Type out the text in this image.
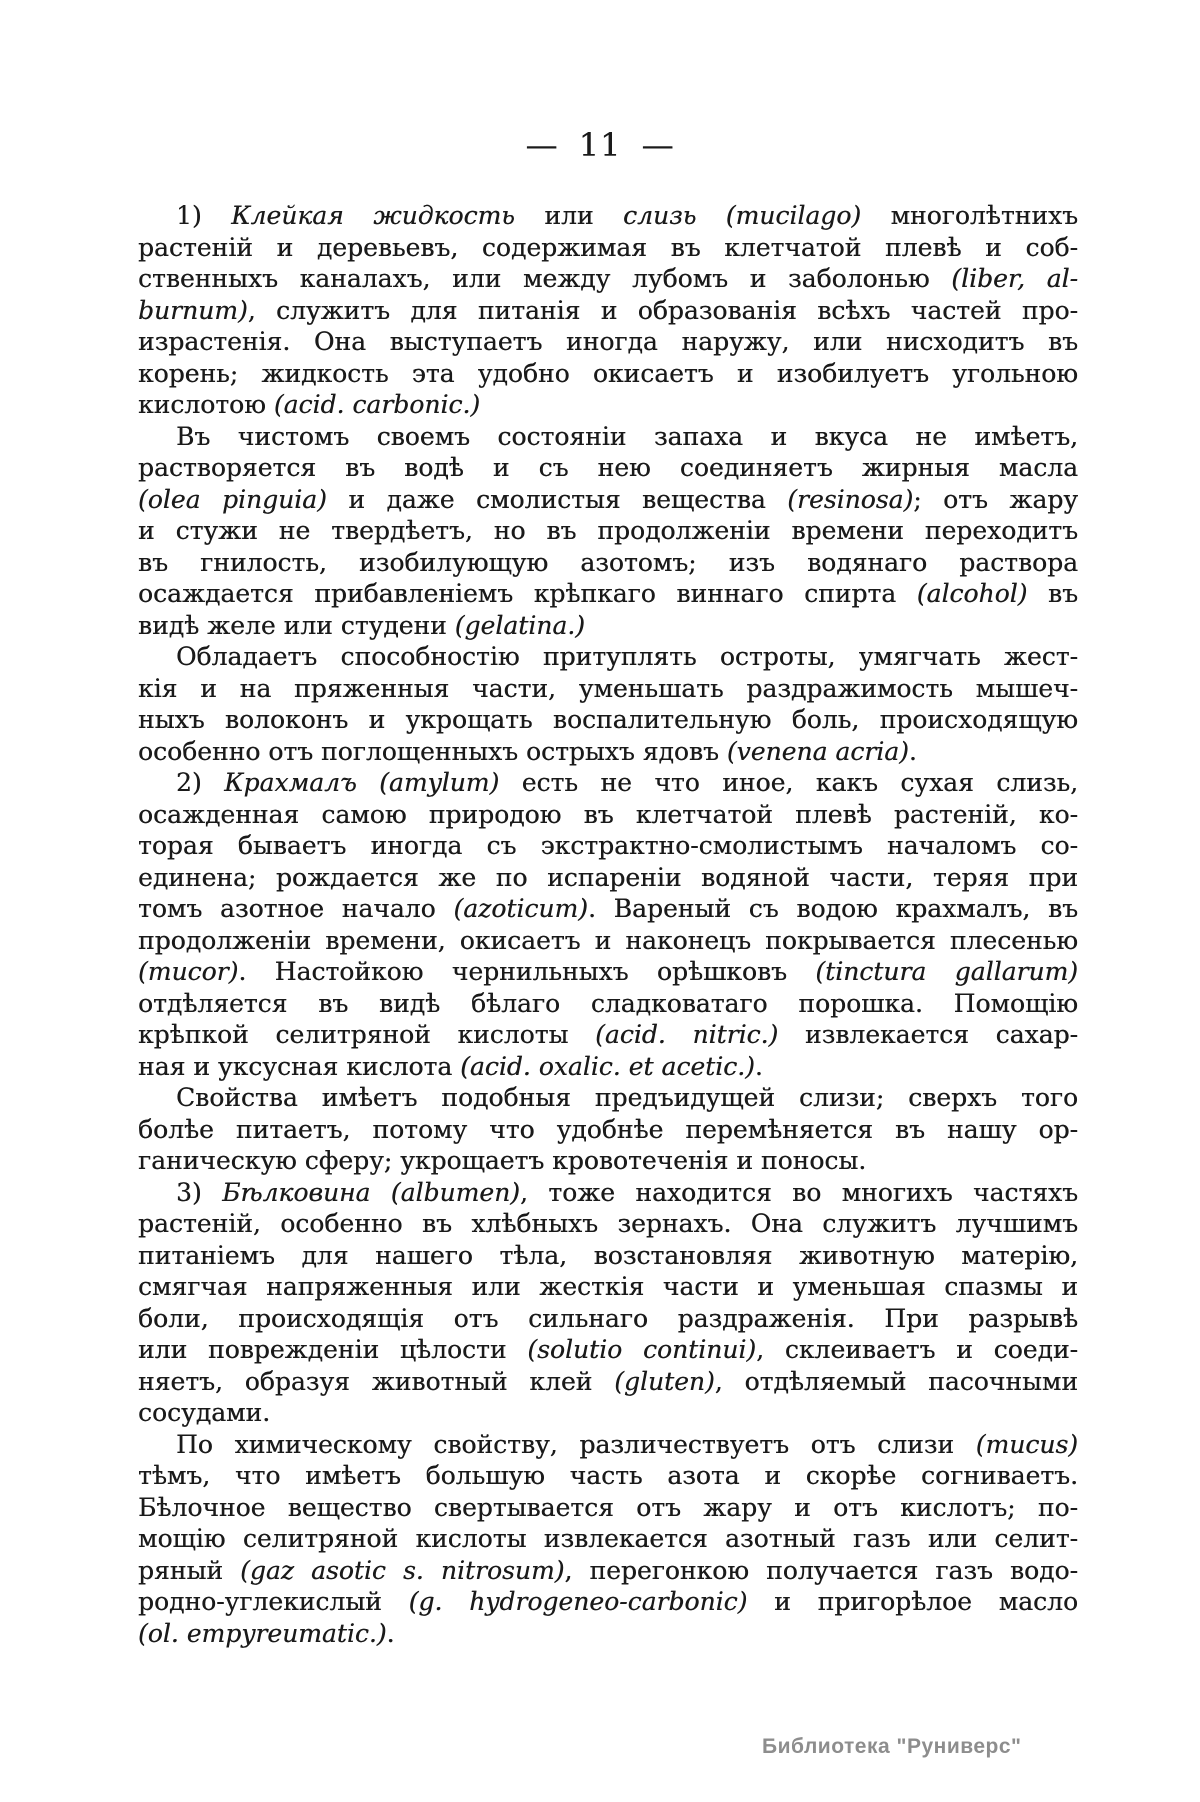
— 11 —
1) Клейкая жидкость или слизь (mucilago) многолѣтнихъ
растеній и деревьевъ, содержимая въ клетчатой плевѣ и соб-
ственныхъ каналахъ, или между лубомъ и заболонью (liber, al-
burnum), служитъ для питанія и образованія всѣхъ частей про-
израстенія. Она выступаетъ иногда наружу, или нисходитъ въ
корень; жидкость эта удобно окисаетъ и изобилуетъ угольною
кислотою (acid. carbonic.)
Въ чистомъ своемъ состояніи запаха и вкуса не имѣетъ,
растворяется въ водѣ и съ нею соединяетъ жирныя масла
(olea pinguia) и даже смолистыя вещества (resinosa); отъ жару
и стужи не твердѣетъ, но въ продолженіи времени переходитъ
въ гнилость, изобилующую азотомъ; изъ водянаго раствора
осаждается прибавленіемъ крѣпкаго виннаго спирта (alcohol) въ
видѣ желе или студени (gelatina.)
Обладаетъ способностію притуплять остроты, умягчать жест-
кія и на пряженныя части, уменьшать раздражимость мышеч-
ныхъ волоконъ и укрощать воспалительную боль, происходящую
особенно отъ поглощенныхъ острыхъ ядовъ (venena acria).
2) Крахмалъ (amylum) есть не что иное, какъ сухая слизь,
осажденная самою природою въ клетчатой плевѣ растеній, ко-
торая бываетъ иногда съ экстрактно-смолистымъ началомъ со-
единена; рождается же по испареніи водяной части, теряя при
томъ азотное начало (azoticum). Вареный съ водою крахмалъ, въ
продолженіи времени, окисаетъ и наконецъ покрывается плесенью
(mucor). Настойкою чернильныхъ орѣшковъ (tinctura gallarum)
отдѣляется въ видѣ бѣлаго сладковатаго порошка. Помощію
крѣпкой селитряной кислоты (acid. nitric.) извлекается сахар-
ная и уксусная кислота (acid. oxalic. et acetic.).
Свойства имѣетъ подобныя предъидущей слизи; сверхъ того
болѣе питаетъ, потому что удобнѣе перемѣняется въ нашу ор-
ганическую сферу; укрощаетъ кровотеченія и поносы.
3) Бѣлковина (albumen), тоже находится во многихъ частяхъ
растеній, особенно въ хлѣбныхъ зернахъ. Она служитъ лучшимъ
питаніемъ для нашего тѣла, возстановляя животную матерію,
смягчая напряженныя или жесткія части и уменьшая спазмы и
боли, происходящія отъ сильнаго раздраженія. При разрывѣ
или поврежденіи цѣлости (solutio continui), склеиваетъ и соеди-
няетъ, образуя животный клей (gluten), отдѣляемый пасочными
сосудами.
По химическому свойству, различествуетъ отъ слизи (mucus)
тѣмъ, что имѣетъ большую часть азота и скорѣе согниваетъ.
Бѣлочное вещество свертывается отъ жару и отъ кислотъ; по-
мощію селитряной кислоты извлекается азотный газъ или селит-
ряный (gaz asotic s. nitrosum), перегонкою получается газъ водо-
родно-углекислый (g. hydrogeneo-carbonic) и пригорѣлое масло
(ol. empyreumatic.).
Библиотека "Руниверс"
